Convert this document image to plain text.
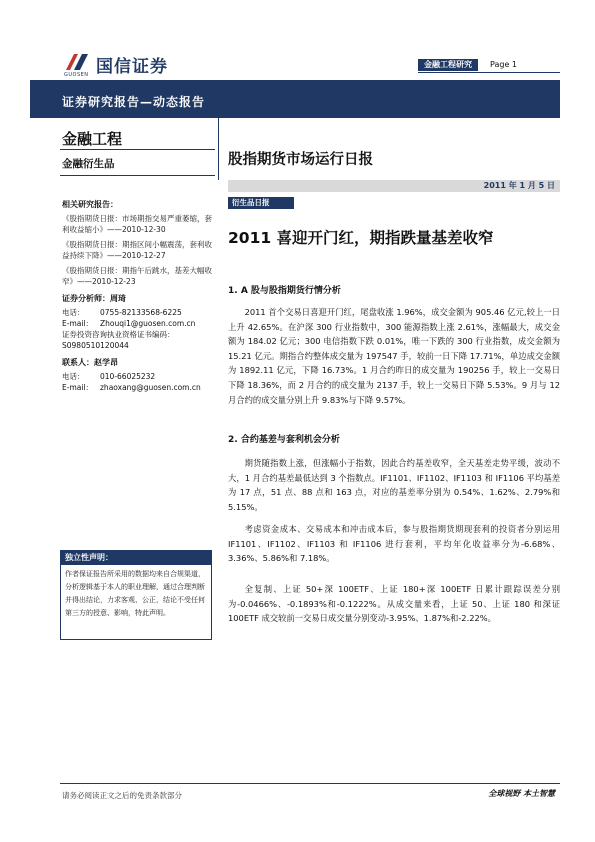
国信证券
GUOSEN
金融工程研究	Page 1
证券研究报告—动态报告
金融工程
金融衍生品	股指期货市场运行日报
2011 年 1 月 5 日
相关研究报告：
《股指期货日报：市场期指交易严重萎缩，套利收益缩小》——2010-12-30
《股指期货日报：期指区间小幅震荡，套利收益持续下降》——2010-12-27
《股指期货日报：期指午后跳水，基差大幅收窄》——2010-12-23
证券分析师：周琦
电话：	0755-82133568-6225
E-mail： Zhouqi1@guosen.com.cn
证券投资咨询执业资格证书编码：S0980510120044
联系人：赵学昂
电话：	010-66025232
E-mail： zhaoxang@guosen.com.cn
独立性声明：
作者保证报告所采用的数据均来自合规渠道，分析逻辑基于本人的职业理解，通过合理判断并得出结论，力求客观、公正，结论不受任何第三方的授意、影响，特此声明。
衍生品日报
2011 喜迎开门红，期指跌量基差收窄
1. A 股与股指期货行情分析
2011 首个交易日喜迎开门红，尾盘收涨 1.96%，成交金额为 905.46 亿元,较上一日上升 42.65%。在沪深 300 行业指数中，300 能源指数上涨 2.61%，涨幅最大，成交金额为 184.02 亿元；300 电信指数下跌 0.01%，唯一下跌的 300 行业指数，成交金额为 15.21 亿元。期指合约整体成交量为 197547 手，较前一日下降 17.71%，单边成交金额为 1892.11 亿元，下降 16.73%。1 月合约昨日的成交量为 190256 手，较上一交易日下降 18.36%，而 2 月合约的成交量为 2137 手，较上一交易日下降 5.53%。9 月与 12 月合约的成交量分别上升 9.83%与下降 9.57%。
2. 合约基差与套利机会分析
期货随指数上涨，但涨幅小于指数，因此合约基差收窄，全天基差走势平缓，波动不大，1 月合约基差最低达到 3 个指数点。IF1101、IF1102、IF1103 和 IF1106 平均基差为 17 点，51 点、88 点和 163 点，对应的基差率分别为 0.54%、1.62%、2.79%和 5.15%。
考虑资金成本、交易成本和冲击成本后，参与股指期货期现套利的投资者分别运用 IF1101、IF1102、IF1103 和 IF1106 进行套利，平均年化收益率分为-6.68%、3.36%、5.86%和 7.18%。
全复制、上证 50+深 100ETF、上证 180+深 100ETF 日累计跟踪误差分别为-0.0466%、-0.1893%和-0.1222%。从成交量来看，上证 50、上证 180 和深证 100ETF 成交较前一交易日成交量分别变动-3.95%、1.87%和-2.22%。
请务必阅读正文之后的免责条款部分	全球视野 本土智慧
